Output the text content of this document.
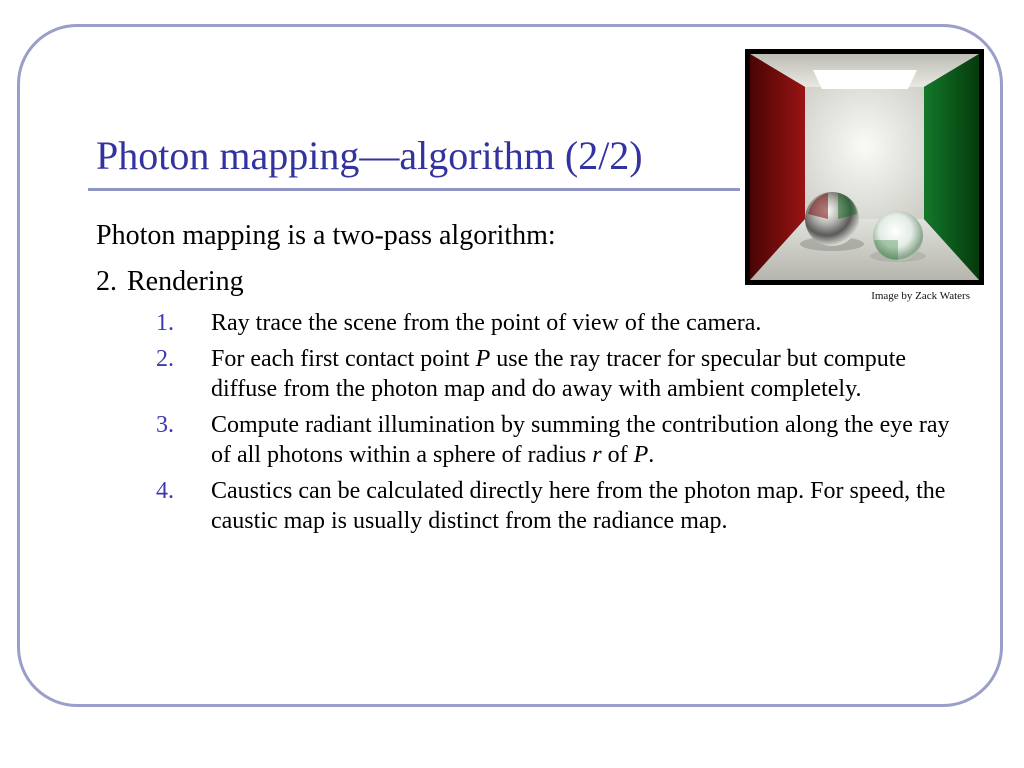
Photon mapping—algorithm (2/2)
Image by Zack Waters
Photon mapping is a two-pass algorithm:
2. Rendering
1. Ray trace the scene from the point of view of the camera.
2. For each first contact point P use the ray tracer for specular but compute diffuse from the photon map and do away with ambient completely.
3. Compute radiant illumination by summing the contribution along the eye ray of all photons within a sphere of radius r of P.
4. Caustics can be calculated directly here from the photon map. For speed, the caustic map is usually distinct from the radiance map.
